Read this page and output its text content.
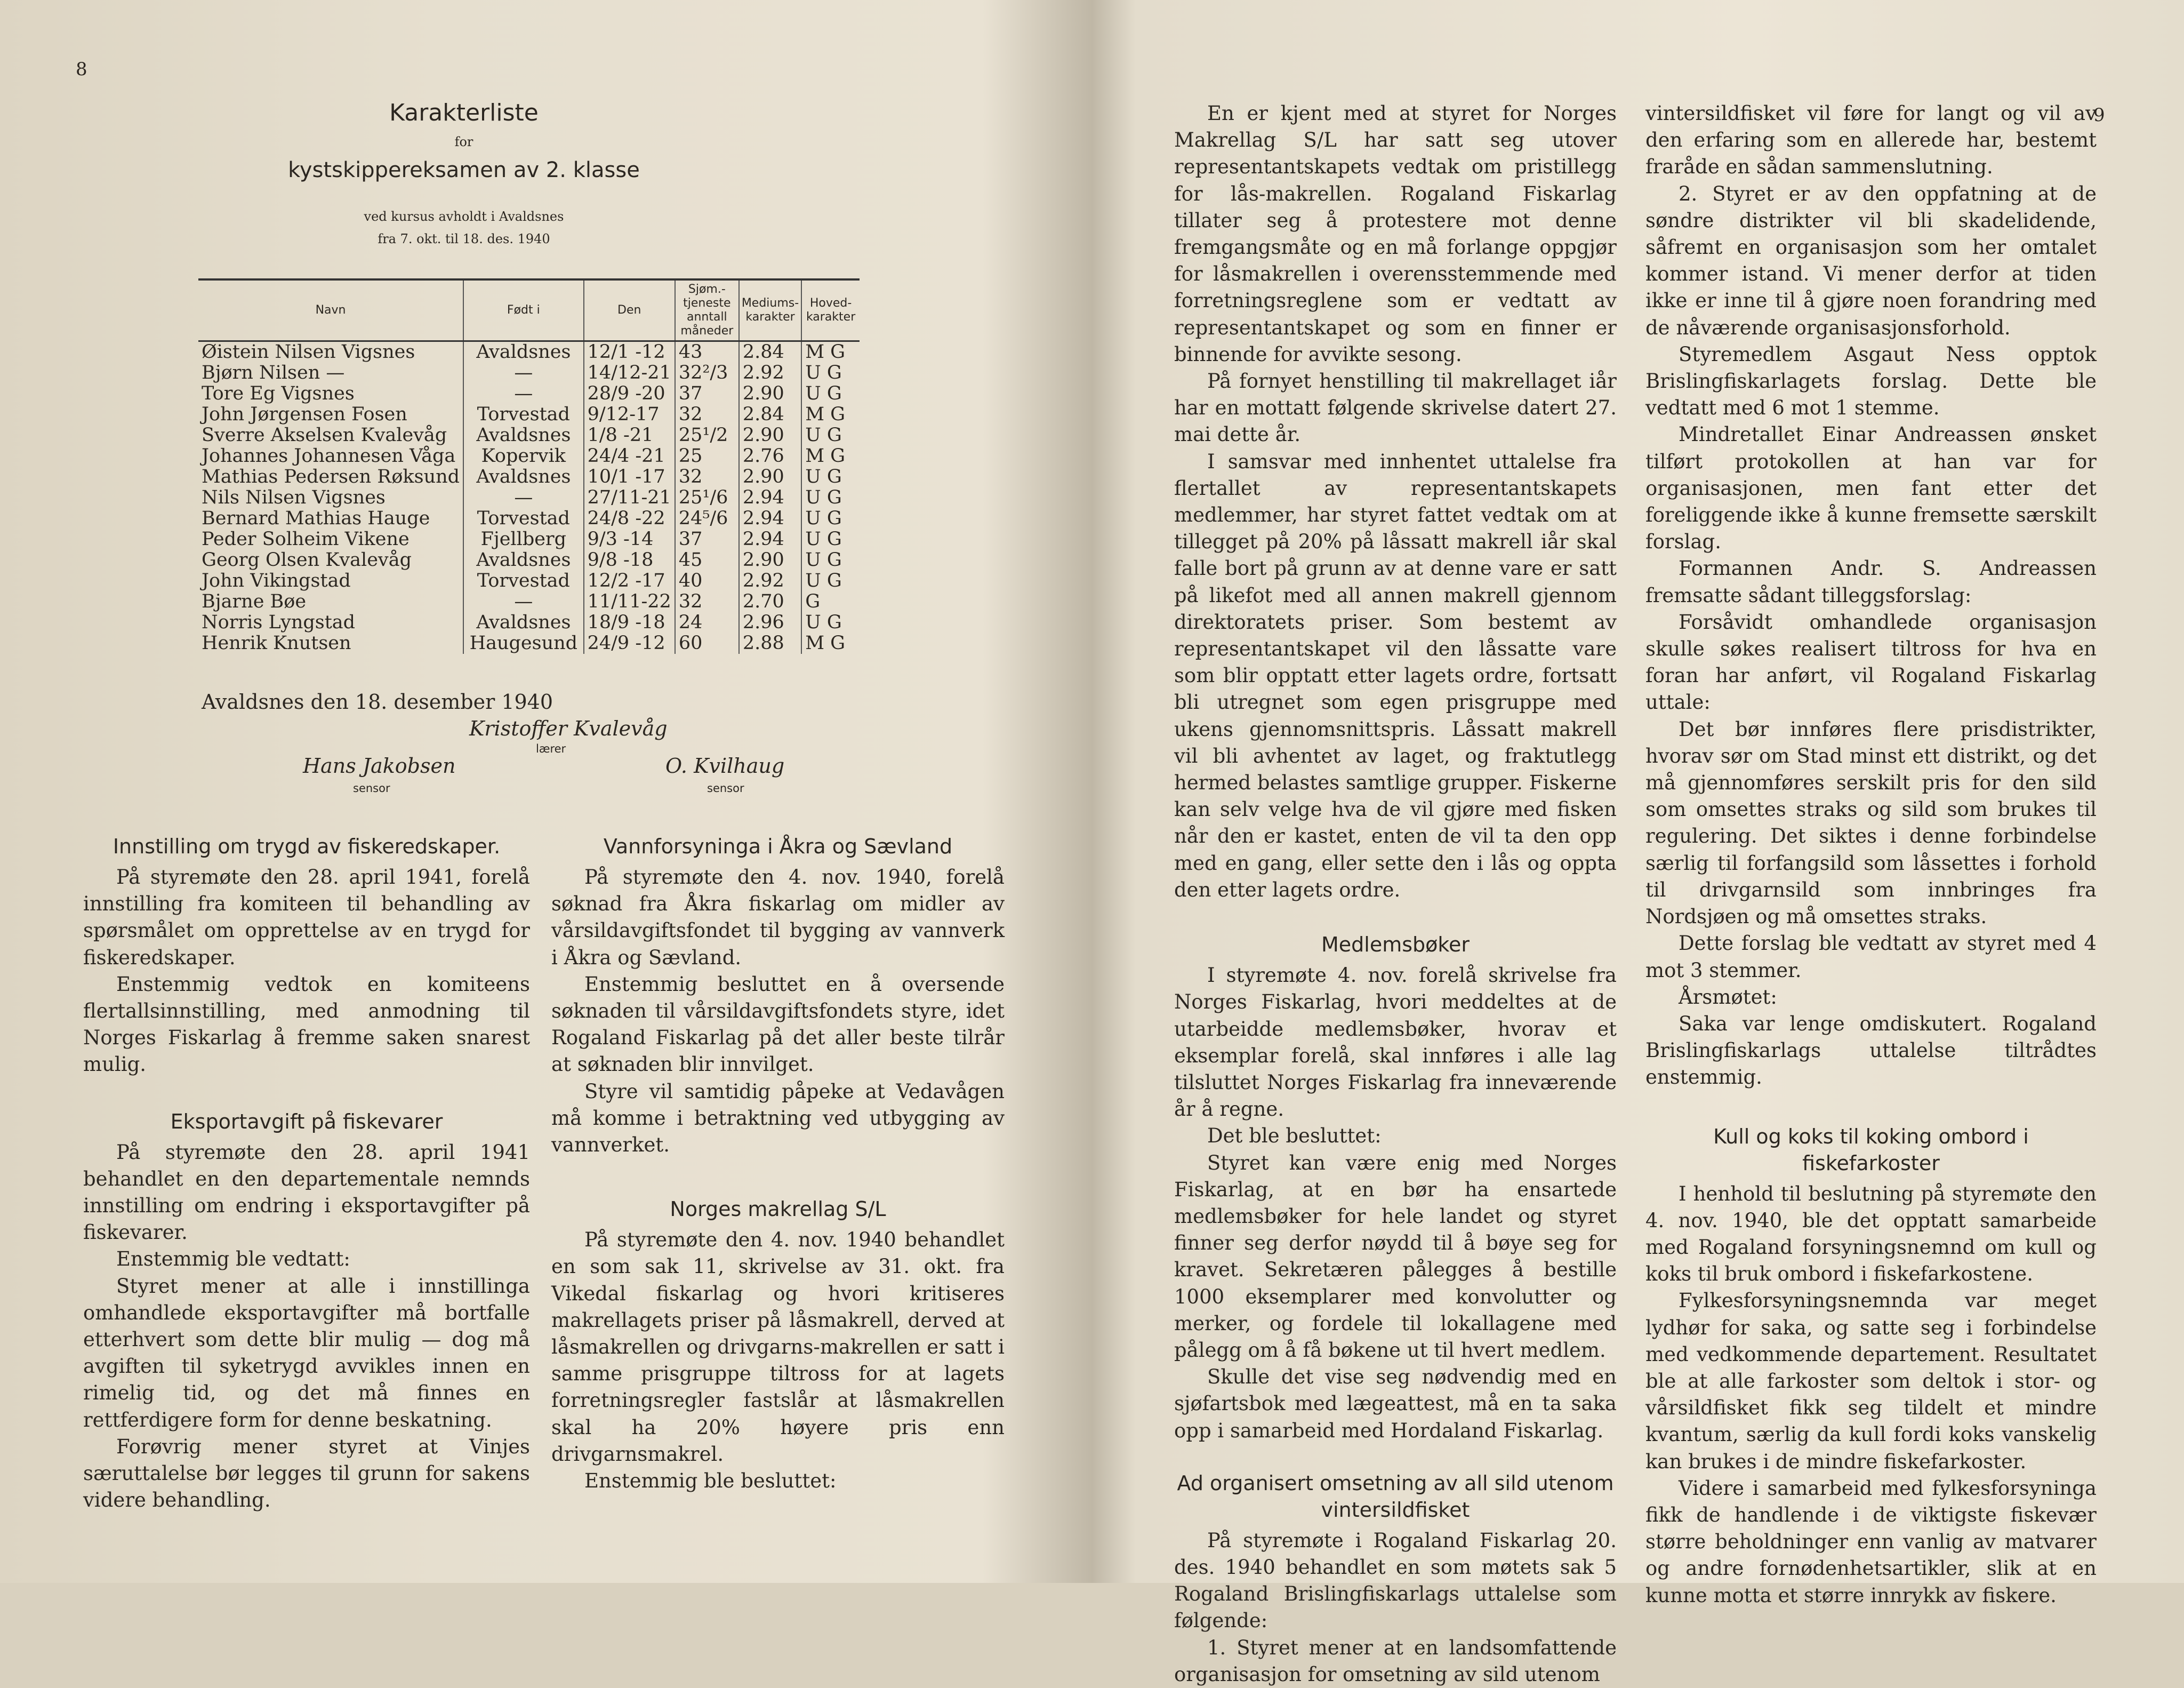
8
Karakterliste
for
kystskippereksamen av 2. klasse
ved kursus avholdt i Avaldsnes
fra 7. okt. til 18. des. 1940
Navn	Født i	Den	Sjøm.-tjeneste anntall måneder	Mediums-karakter	Hoved-karakter
Øistein Nilsen Vigsnes	Avaldsnes	12/1 -12	43	2.84	M G
Bjørn Nilsen —	—	14/12-21	32²/3	2.92	U G
Tore Eg Vigsnes	—	28/9 -20	37	2.90	U G
John Jørgensen Fosen	Torvestad	9/12-17	32	2.84	M G
Sverre Akselsen Kvalevåg	Avaldsnes	1/8 -21	25¹/2	2.90	U G
Johannes Johannesen Våga	Kopervik	24/4 -21	25	2.76	M G
Mathias Pedersen Røksund	Avaldsnes	10/1 -17	32	2.90	U G
Nils Nilsen Vigsnes	—	27/11-21	25¹/6	2.94	U G
Bernard Mathias Hauge	Torvestad	24/8 -22	24⁵/6	2.94	U G
Peder Solheim Vikene	Fjellberg	9/3 -14	37	2.94	U G
Georg Olsen Kvalevåg	Avaldsnes	9/8 -18	45	2.90	U G
John Vikingstad	Torvestad	12/2 -17	40	2.92	U G
Bjarne Bøe	—	11/11-22	32	2.70	G
Norris Lyngstad	Avaldsnes	18/9 -18	24	2.96	U G
Henrik Knutsen	Haugesund	24/9 -12	60	2.88	M G
Avaldsnes den 18. desember 1940
Kristoffer Kvalevåg
lærer
Hans Jakobsen
sensor
O. Kvilhaug
sensor

Innstilling om trygd av fiskeredskaper.

På styremøte den 28. april 1941, forelå innstilling fra komiteen til behandling av spørsmålet om opprettelse av en trygd for fiskeredskaper.

Enstemmig vedtok en komiteens flertallsinnstilling, med anmodning til Norges Fiskarlag å fremme saken snarest mulig.

Eksportavgift på fiskevarer

På styremøte den 28. april 1941 behandlet en den departementale nemnds innstilling om endring i eksportavgifter på fiskevarer.

Enstemmig ble vedtatt:

Styret mener at alle i innstillinga omhandlede eksportavgifter må bortfalle etterhvert som dette blir mulig — dog må avgiften til syketrygd avvikles innen en rimelig tid, og det må finnes en rettferdigere form for denne beskatning.

Forøvrig mener styret at Vinjes særuttalelse bør legges til grunn for sakens videre behandling.

Vannforsyninga i Åkra og Sævland

På styremøte den 4. nov. 1940, forelå søknad fra Åkra fiskarlag om midler av vårsildavgiftsfondet til bygging av vannverk i Åkra og Sævland.

Enstemmig besluttet en å oversende søknaden til vårsildavgiftsfondets styre, idet Rogaland Fiskarlag på det aller beste tilrår at søknaden blir innvilget.

Styre vil samtidig påpeke at Vedavågen må komme i betraktning ved utbygging av vannverket.

Norges makrellag S/L

På styremøte den 4. nov. 1940 behandlet en som sak 11, skrivelse av 31. okt. fra Vikedal fiskarlag og hvori kritiseres makrellagets priser på låsmakrell, derved at låsmakrellen og drivgarns-makrellen er satt i samme prisgruppe tiltross for at lagets forretningsregler fastslår at låsmakrellen skal ha 20% høyere pris enn drivgarnsmakrel.

Enstemmig ble besluttet:

9

En er kjent med at styret for Norges Makrellag S/L har satt seg utover representantskapets vedtak om pristillegg for lås-makrellen. Rogaland Fiskarlag tillater seg å protestere mot denne fremgangsmåte og en må forlange oppgjør for låsmakrellen i overensstemmende med forretningsreglene som er vedtatt av representantskapet og som en finner er binnende for avvikte sesong.

På fornyet henstilling til makrellaget iår har en mottatt følgende skrivelse datert 27. mai dette år.

I samsvar med innhentet uttalelse fra flertallet av representantskapets medlemmer, har styret fattet vedtak om at tillegget på 20% på låssatt makrell iår skal falle bort på grunn av at denne vare er satt på likefot med all annen makrell gjennom direktoratets priser. Som bestemt av representantskapet vil den låssatte vare som blir opptatt etter lagets ordre, fortsatt bli utregnet som egen prisgruppe med ukens gjennomsnittspris. Låssatt makrell vil bli avhentet av laget, og fraktutlegg hermed belastes samtlige grupper. Fiskerne kan selv velge hva de vil gjøre med fisken når den er kastet, enten de vil ta den opp med en gang, eller sette den i lås og oppta den etter lagets ordre.

Medlemsbøker

I styremøte 4. nov. forelå skrivelse fra Norges Fiskarlag, hvori meddeltes at de utarbeidde medlemsbøker, hvorav et eksemplar forelå, skal innføres i alle lag tilsluttet Norges Fiskarlag fra inneværende år å regne.

Det ble besluttet:

Styret kan være enig med Norges Fiskarlag, at en bør ha ensartede medlemsbøker for hele landet og styret finner seg derfor nøydd til å bøye seg for kravet. Sekretæren pålegges å bestille 1000 eksemplarer med konvolutter og merker, og fordele til lokallagene med pålegg om å få bøkene ut til hvert medlem.

Skulle det vise seg nødvendig med en sjøfartsbok med lægeattest, må en ta saka opp i samarbeid med Hordaland Fiskarlag.

Ad organisert omsetning av all sild utenom

vintersildfisket

På styremøte i Rogaland Fiskarlag 20. des. 1940 behandlet en som møtets sak 5 Rogaland Brislingfiskarlags uttalelse som følgende:

1. Styret mener at en landsomfattende organisasjon for omsetning av sild utenom

vintersildfisket vil føre for langt og vil av den erfaring som en allerede har, bestemt fraråde en sådan sammenslutning.

2. Styret er av den oppfatning at de søndre distrikter vil bli skadelidende, såfremt en organisasjon som her omtalet kommer istand. Vi mener derfor at tiden ikke er inne til å gjøre noen forandring med de nåværende organisasjonsforhold.

Styremedlem Asgaut Ness opptok Brislingfiskarlagets forslag. Dette ble vedtatt med 6 mot 1 stemme.

Mindretallet Einar Andreassen ønsket tilført protokollen at han var for organisasjonen, men fant etter det foreliggende ikke å kunne fremsette særskilt forslag.

Formannen Andr. S. Andreassen fremsatte sådant tilleggsforslag:

Forsåvidt omhandlede organisasjon skulle søkes realisert tiltross for hva en foran har anført, vil Rogaland Fiskarlag uttale:

Det bør innføres flere prisdistrikter, hvorav sør om Stad minst ett distrikt, og det må gjennomføres serskilt pris for den sild som omsettes straks og sild som brukes til regulering. Det siktes i denne forbindelse særlig til forfangsild som låssettes i forhold til drivgarnsild som innbringes fra Nordsjøen og må omsettes straks.

Dette forslag ble vedtatt av styret med 4 mot 3 stemmer.

Årsmøtet:

Saka var lenge omdiskutert. Rogaland Brislingfiskarlags uttalelse tiltrådtes enstemmig.

Kull og koks til koking ombord i

fiskefarkoster

I henhold til beslutning på styremøte den 4. nov. 1940, ble det opptatt samarbeide med Rogaland forsyningsnemnd om kull og koks til bruk ombord i fiskefarkostene.

Fylkesforsyningsnemnda var meget lydhør for saka, og satte seg i forbindelse med vedkommende departement. Resultatet ble at alle farkoster som deltok i stor- og vårsildfisket fikk seg tildelt et mindre kvantum, særlig da kull fordi koks vanskelig kan brukes i de mindre fiskefarkoster.

Videre i samarbeid med fylkesforsyninga fikk de handlende i de viktigste fiskevær større beholdninger enn vanlig av matvarer og andre fornødenhetsartikler, slik at en kunne motta et større innrykk av fiskere.
